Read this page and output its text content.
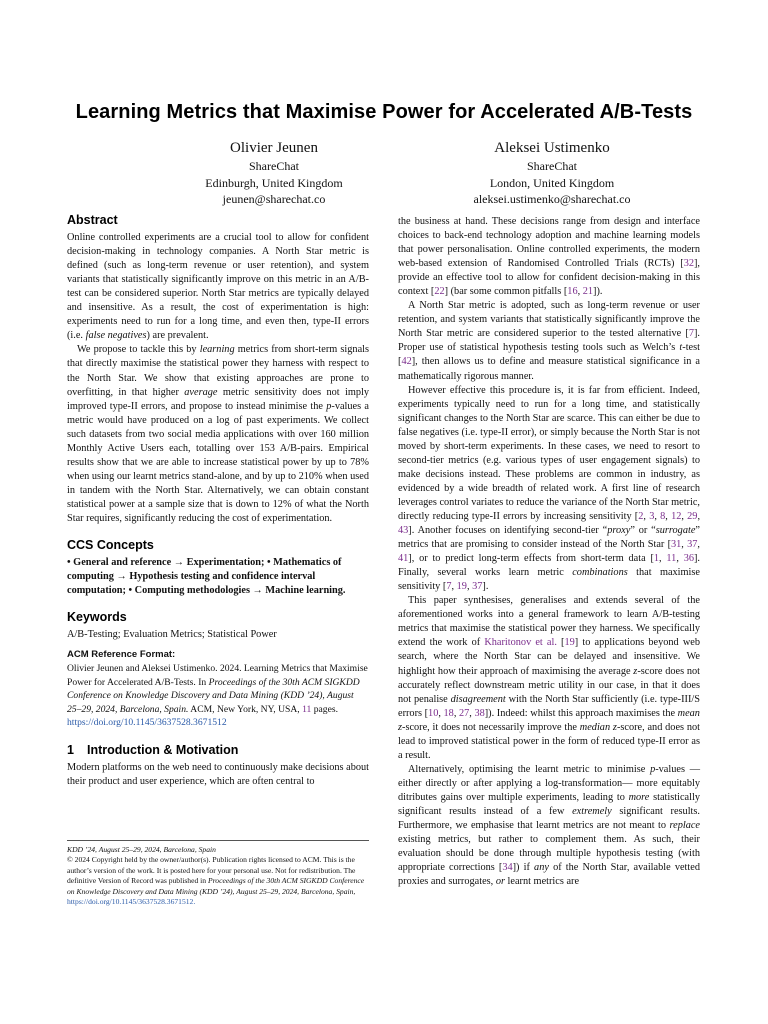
Learning Metrics that Maximise Power for Accelerated A/B-Tests
Olivier Jeunen
ShareChat
Edinburgh, United Kingdom
jeunen@sharechat.co
Aleksei Ustimenko
ShareChat
London, United Kingdom
aleksei.ustimenko@sharechat.co
Abstract

Online controlled experiments are a crucial tool to allow for confident decision-making in technology companies. A North Star metric is defined (such as long-term revenue or user retention), and system variants that statistically significantly improve on this metric in an A/B-test can be considered superior. North Star metrics are typically delayed and insensitive. As a result, the cost of experimentation is high: experiments need to run for a long time, and even then, type-II errors (i.e. false negatives) are prevalent.

We propose to tackle this by learning metrics from short-term signals that directly maximise the statistical power they harness with respect to the North Star. We show that existing approaches are prone to overfitting, in that higher average metric sensitivity does not imply improved type-II errors, and propose to instead minimise the p-values a metric would have produced on a log of past experiments. We collect such datasets from two social media applications with over 160 million Monthly Active Users each, totalling over 153 A/B-pairs. Empirical results show that we are able to increase statistical power by up to 78% when using our learnt metrics stand-alone, and by up to 210% when used in tandem with the North Star. Alternatively, we can obtain constant statistical power at a sample size that is down to 12% of what the North Star requires, significantly reducing the cost of experimentation.

CCS Concepts

• General and reference → Experimentation; • Mathematics of computing → Hypothesis testing and confidence interval computation; • Computing methodologies → Machine learning.

Keywords

A/B-Testing; Evaluation Metrics; Statistical Power

ACM Reference Format:

Olivier Jeunen and Aleksei Ustimenko. 2024. Learning Metrics that Maximise Power for Accelerated A/B-Tests. In Proceedings of the 30th ACM SIGKDD Conference on Knowledge Discovery and Data Mining (KDD ’24), August 25–29, 2024, Barcelona, Spain. ACM, New York, NY, USA, 11 pages. https://doi.org/10.1145/3637528.3671512

1 Introduction & Motivation

Modern platforms on the web need to continuously make decisions about their product and user experience, which are often central to

KDD ’24, August 25–29, 2024, Barcelona, Spain
© 2024 Copyright held by the owner/author(s). Publication rights licensed to ACM. This is the author’s version of the work. It is posted here for your personal use. Not for redistribution. The definitive Version of Record was published in Proceedings of the 30th ACM SIGKDD Conference on Knowledge Discovery and Data Mining (KDD ’24), August 25–29, 2024, Barcelona, Spain, https://doi.org/10.1145/3637528.3671512.

the business at hand. These decisions range from design and interface choices to back-end technology adoption and machine learning models that power personalisation. Online controlled experiments, the modern web-based extension of Randomised Controlled Trials (RCTs) [32], provide an effective tool to allow for confident decision-making in this context [22] (bar some common pitfalls [16, 21]).

A North Star metric is adopted, such as long-term revenue or user retention, and system variants that statistically significantly improve the North Star metric are considered superior to the tested alternative [7]. Proper use of statistical hypothesis testing tools such as Welch’s t-test [42], then allows us to define and measure statistical significance in a mathematically rigorous manner.

However effective this procedure is, it is far from efficient. Indeed, experiments typically need to run for a long time, and statistically significant changes to the North Star are scarce. This can either be due to false negatives (i.e. type-II error), or simply because the North Star is not moved by short-term experiments. In these cases, we need to resort to second-tier metrics (e.g. various types of user engagement signals) to make decisions instead. These problems are common in industry, as evidenced by a wide breadth of related work. A first line of research leverages control variates to reduce the variance of the North Star metric, directly reducing type-II errors by increasing sensitivity [2, 3, 8, 12, 29, 43]. Another focuses on identifying second-tier “proxy” or “surrogate” metrics that are promising to consider instead of the North Star [31, 37, 41], or to predict long-term effects from short-term data [1, 11, 36]. Finally, several works learn metric combinations that maximise sensitivity [7, 19, 37].

This paper synthesises, generalises and extends several of the aforementioned works into a general framework to learn A/B-testing metrics that maximise the statistical power they harness. We specifically extend the work of Kharitonov et al. [19] to applications beyond web search, where the North Star can be delayed and insensitive. We highlight how their approach of maximising the average z-score does not accurately reflect downstream metric utility in our case, in that it does not penalise disagreement with the North Star sufficiently (i.e. type-III/S errors [10, 18, 27, 38]). Indeed: whilst this approach maximises the mean z-score, it does not necessarily improve the median z-score, and does not lead to improved statistical power in the form of reduced type-II error as a result.

Alternatively, optimising the learnt metric to minimise p-values —either directly or after applying a log-transformation— more equitably ditributes gains over multiple experiments, leading to more statistically significant results instead of a few extremely significant results. Furthermore, we emphasise that learnt metrics are not meant to replace existing metrics, but rather to complement them. As such, their evaluation should be done through multiple hypothesis testing (with appropriate corrections [34]) if any of the North Star, available vetted proxies and surrogates, or learnt metrics are
